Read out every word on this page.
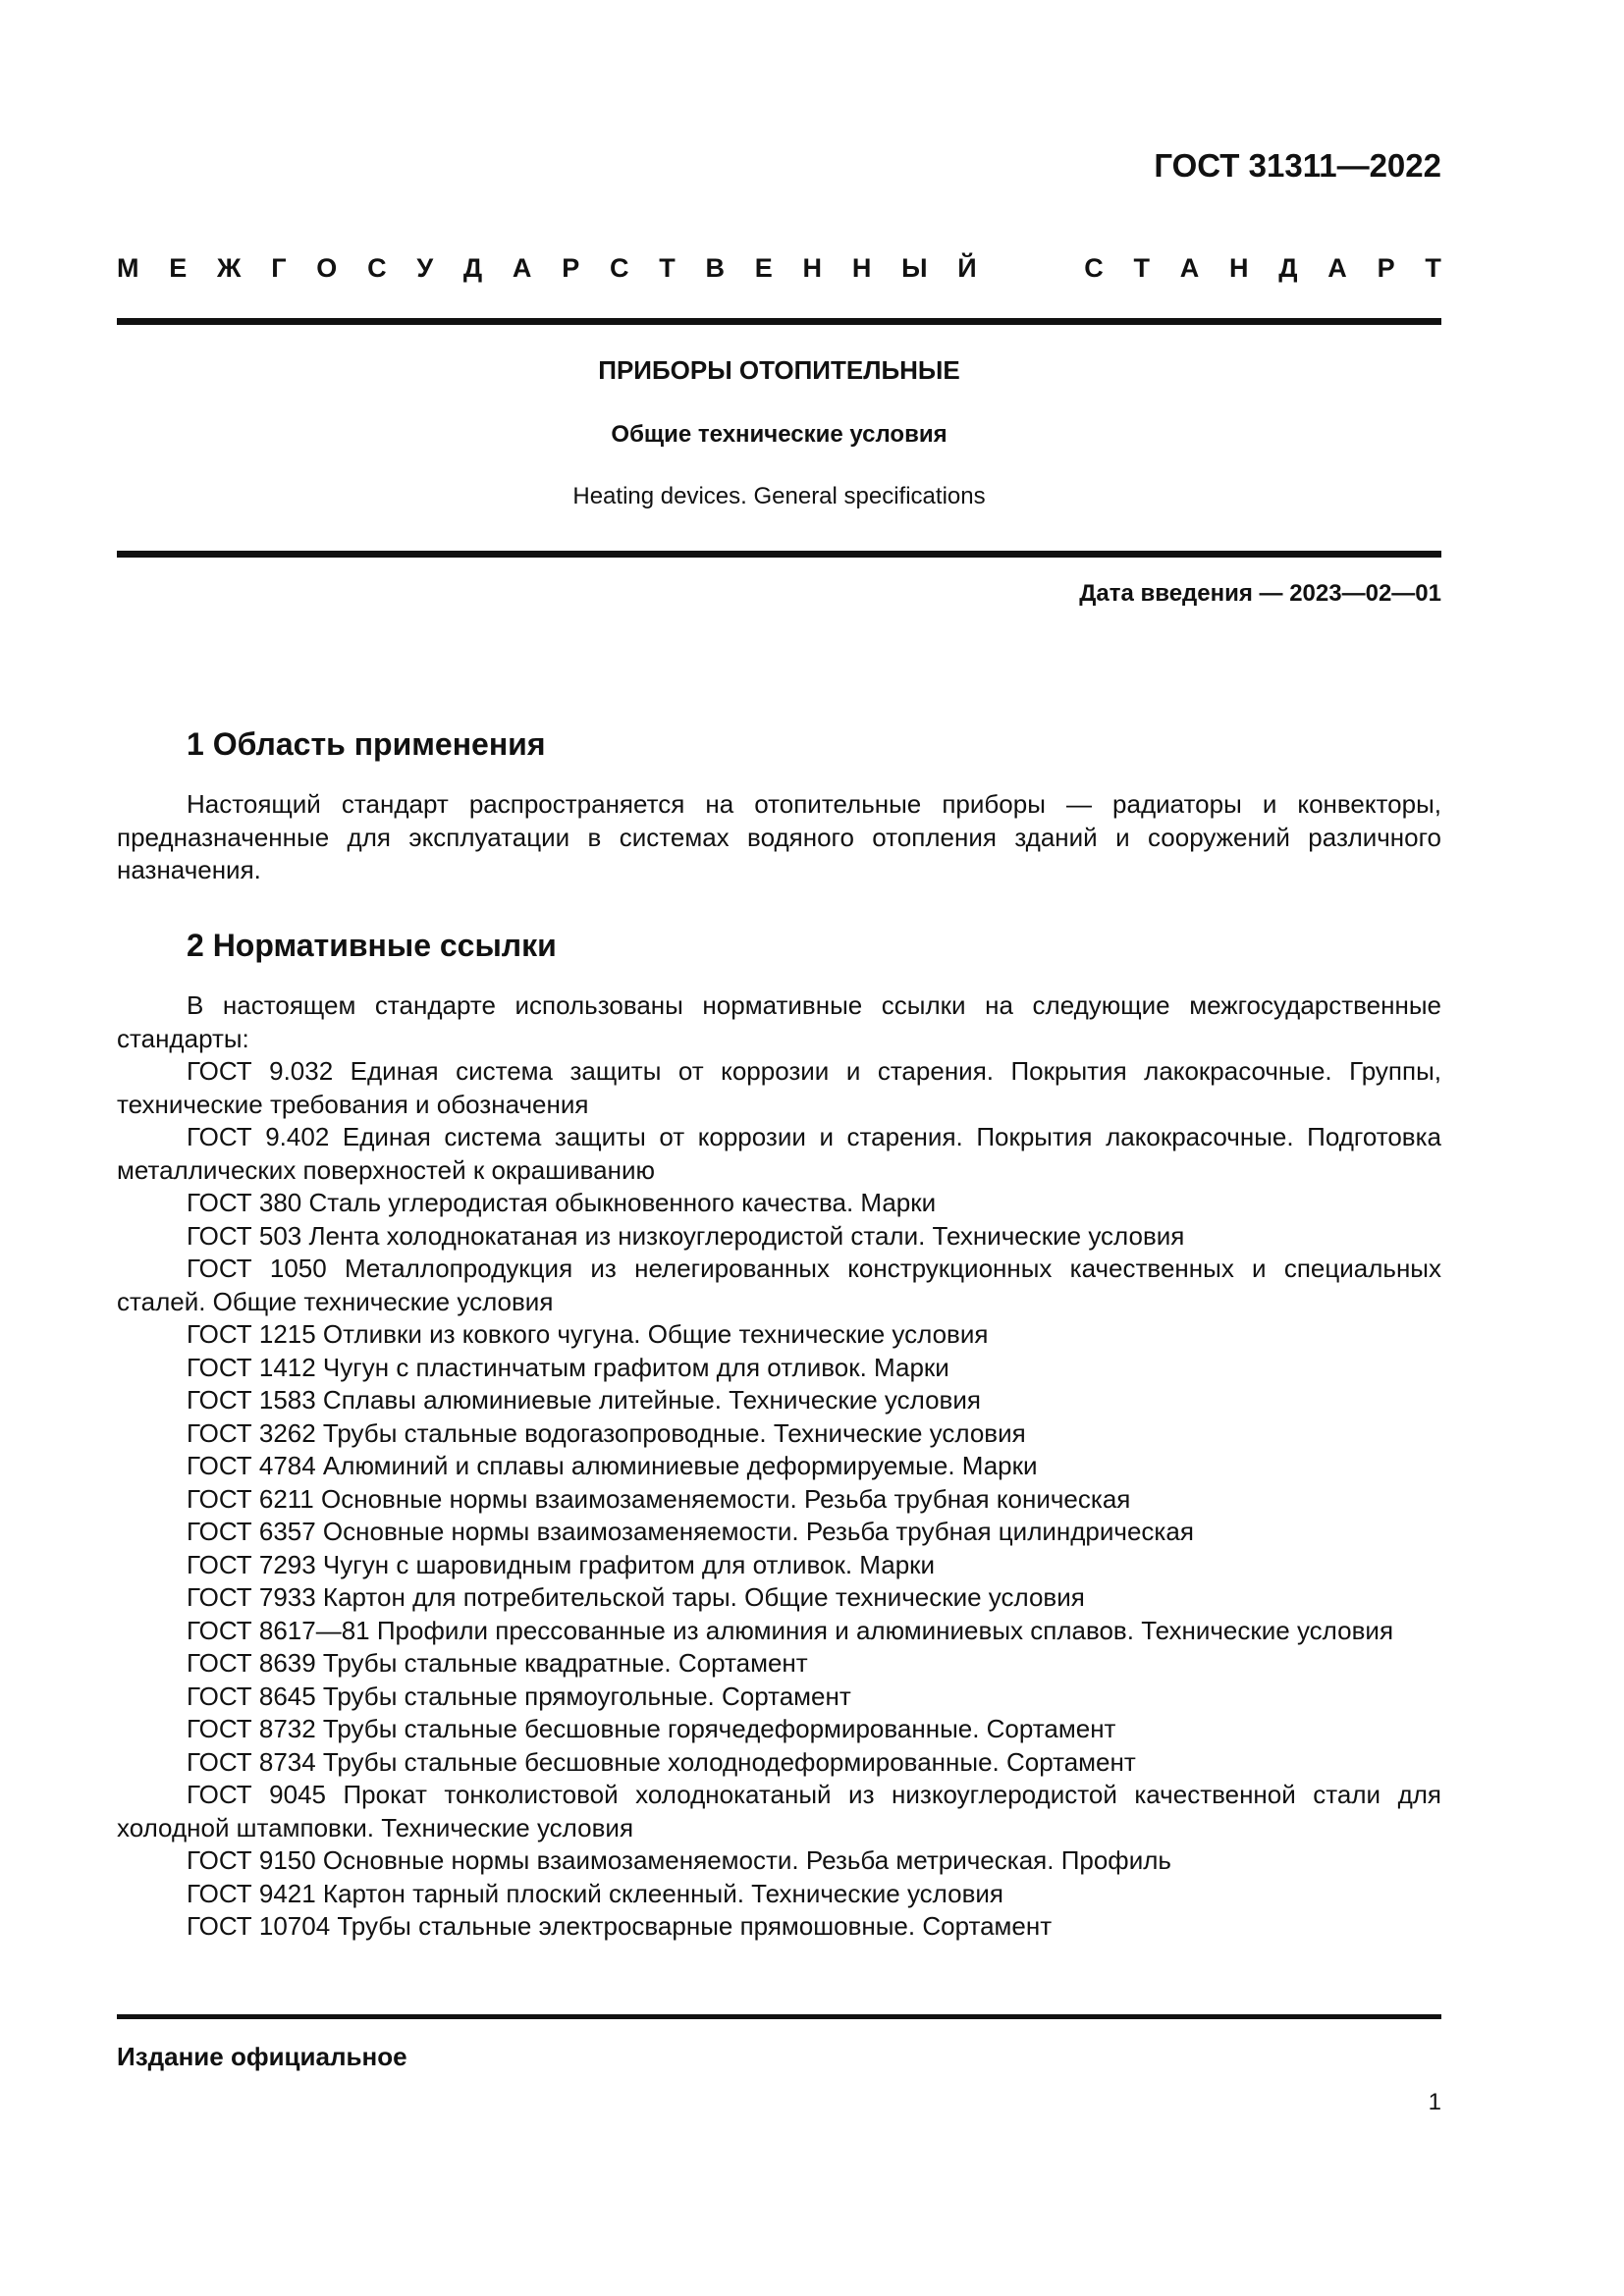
ГОСТ 31311—2022
М Е Ж Г О С У Д А Р С Т В Е Н Н Ы Й	С Т А Н Д А Р Т
ПРИБОРЫ ОТОПИТЕЛЬНЫЕ
Общие технические условия
Heating devices. General specifications
Дата введения — 2023—02—01
1 Область применения

Настоящий стандарт распространяется на отопительные приборы — радиаторы и конвекторы, предназначенные для эксплуатации в системах водяного отопления зданий и сооружений различного назначения.

2 Нормативные ссылки

В настоящем стандарте использованы нормативные ссылки на следующие межгосударственные стандарты:

ГОСТ 9.032 Единая система защиты от коррозии и старения. Покрытия лакокрасочные. Группы, технические требования и обозначения

ГОСТ 9.402 Единая система защиты от коррозии и старения. Покрытия лакокрасочные. Подготовка металлических поверхностей к окрашиванию

ГОСТ 380 Сталь углеродистая обыкновенного качества. Марки

ГОСТ 503 Лента холоднокатаная из низкоуглеродистой стали. Технические условия

ГОСТ 1050 Металлопродукция из нелегированных конструкционных качественных и специальных сталей. Общие технические условия

ГОСТ 1215 Отливки из ковкого чугуна. Общие технические условия

ГОСТ 1412 Чугун с пластинчатым графитом для отливок. Марки

ГОСТ 1583 Сплавы алюминиевые литейные. Технические условия

ГОСТ 3262 Трубы стальные водогазопроводные. Технические условия

ГОСТ 4784 Алюминий и сплавы алюминиевые деформируемые. Марки

ГОСТ 6211 Основные нормы взаимозаменяемости. Резьба трубная коническая

ГОСТ 6357 Основные нормы взаимозаменяемости. Резьба трубная цилиндрическая

ГОСТ 7293 Чугун с шаровидным графитом для отливок. Марки

ГОСТ 7933 Картон для потребительской тары. Общие технические условия

ГОСТ 8617—81 Профили прессованные из алюминия и алюминиевых сплавов. Технические условия

ГОСТ 8639 Трубы стальные квадратные. Сортамент

ГОСТ 8645 Трубы стальные прямоугольные. Сортамент

ГОСТ 8732 Трубы стальные бесшовные горячедеформированные. Сортамент

ГОСТ 8734 Трубы стальные бесшовные холоднодеформированные. Сортамент

ГОСТ 9045 Прокат тонколистовой холоднокатаный из низкоуглеродистой качественной стали для холодной штамповки. Технические условия

ГОСТ 9150 Основные нормы взаимозаменяемости. Резьба метрическая. Профиль

ГОСТ 9421 Картон тарный плоский склеенный. Технические условия

ГОСТ 10704 Трубы стальные электросварные прямошовные. Сортамент

Издание официальное
1
